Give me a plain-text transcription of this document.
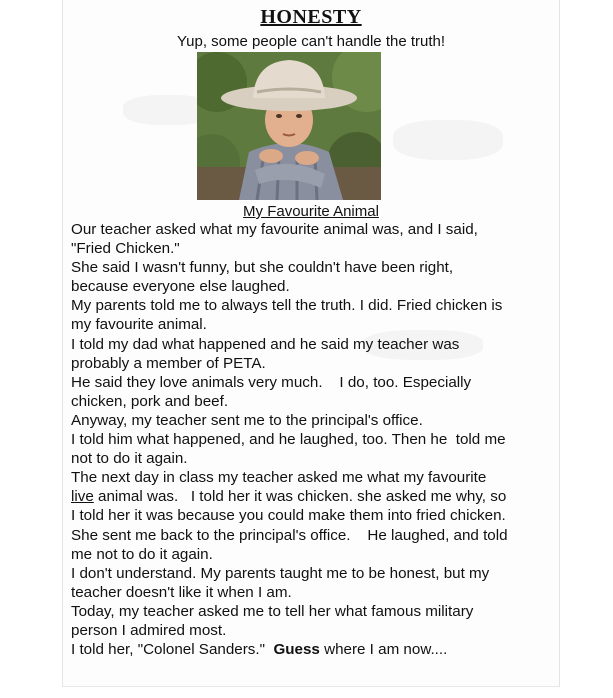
HONESTY
Yup, some people can't handle the truth!
My Favourite Animal
Our teacher asked what my favourite animal was, and I said,
"Fried Chicken."
She said I wasn't funny, but she couldn't have been right,
because everyone else laughed.
My parents told me to always tell the truth. I did. Fried chicken is
my favourite animal.
I told my dad what happened and he said my teacher was
probably a member of PETA.
He said they love animals very much.    I do, too. Especially
chicken, pork and beef.
Anyway, my teacher sent me to the principal's office.
I told him what happened, and he laughed, too. Then he  told me
not to do it again.
The next day in class my teacher asked me what my favourite
live animal was.   I told her it was chicken. she asked me why, so
I told her it was because you could make them into fried chicken.
She sent me back to the principal's office.    He laughed, and told
me not to do it again.
I don't understand. My parents taught me to be honest, but my
teacher doesn't like it when I am.
Today, my teacher asked me to tell her what famous military
person I admired most.
I told her, "Colonel Sanders."  Guess where I am now....
